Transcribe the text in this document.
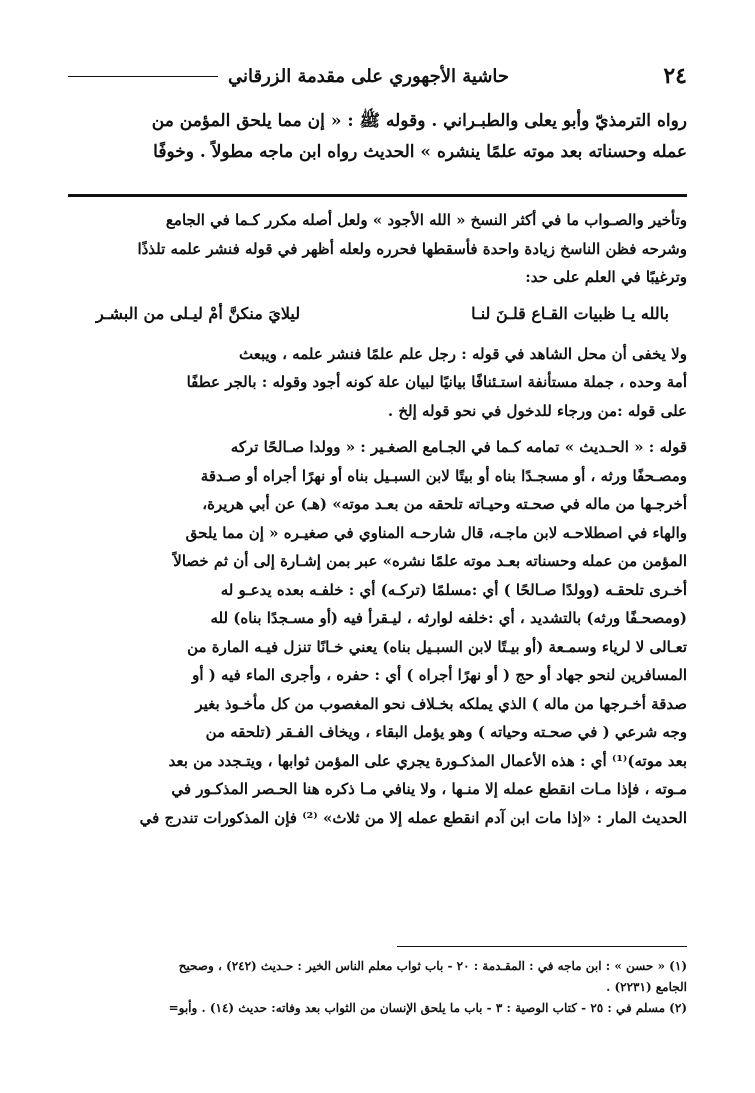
٢٤
حاشية الأجهوري على مقدمة الزرقاني
رواه الترمذيّ وأبو يعلى والطبـراني . وقوله ﷺ : « إن مما يلحق المؤمن من
عمله وحسناته بعد موته علمًا ينشره » الحديث رواه ابن ماجه مطولاً . وخوفًا

وتأخير والصـواب ما في أكثر النسخ « الله الأجود » ولعل أصله مكرر كـما في الجامع

وشرحه فظن الناسخ زيادة واحدة فأسقطها فحرره ولعله أظهر في قوله فنشر علمه تلذذًا

وترغيبًا في العلم على حد:

بالله يـا ظبيات القـاع قلـنَ لنـا
ليلايَ منكنَّ أمْ ليـلى من البشـر

ولا يخفى أن محل الشاهد في قوله : رجل علم علمًا فنشر علمه ، ويبعث

أمة وحده ، جملة مستأنفة استـئنافًا بيانيًا لبيان علة كونه أجود وقوله : بالجر عطفًا

على قوله :من ورجاء للدخول في نحو قوله إلخ .

قوله : « الحـديث » تمامه كـما في الجـامع الصغـير : « وولدا صـالحًا تركه

ومصـحفًا ورثه ، أو مسجـدًا بناه أو بيتًا لابن السبـيل بناه أو نهرًا أجراه أو صـدقة

أخرجـها من ماله في صحـته وحيـاته تلحقه من بعـد موته» (هـ) عن أبي هريرة،

والهاء في اصطلاحـه لابن ماجـه، قال شارحـه المناوي في صغيـره « إن مما يلحق

المؤمن من عمله وحسناته بعـد موته علمًا نشره» عبر بمن إشـارة إلى أن ثم خصالاً

أخـرى تلحقـه (وولدًا صـالحًا ) أي :مسلمًا (تركـه) أي : خلفـه بعده يدعـو له

(ومصحـفًا ورثه) بالتشديد ، أي :خلفه لوارثه ، ليـقرأ فيه (أو مسـجدًا بناه) لله

تعـالى لا لرياء وسمـعة (أو بيـتًا لابن السبـيل بناه) يعني خـانًا تنزل فيـه المارة من

المسافرين لنحو جهاد أو حج ( أو نهرًا أجراه ) أي : حفره ، وأجرى الماء فيه ( أو

صدقة أخـرجها من ماله ) الذي يملكه بخـلاف نحو المغصوب من كل مأخـوذ بغير

وجه شرعي ( في صحـته وحياته ) وهو يؤمل البقاء ، ويخاف الفـقر (تلحقه من

بعد موته)⁽¹⁾ أي : هذه الأعمال المذكـورة يجري على المؤمن ثوابها ، ويتـجدد من بعد

مـوته ، فإذا مـات انقطع عمله إلا منـها ، ولا ينافي مـا ذكره هنا الحـصر المذكـور في

الحديث المار : «إذا مات ابن آدم انقطع عمله إلا من ثلاث» ⁽²⁾ فإن المذكورات تندرج في

(١) « حسن » : ابن ماجه في : المقـدمة : ٢٠ - باب ثواب معلم الناس الخير : حـديث (٢٤٢) ، وصحيح

الجامع (٢٢٣١) .

(٢) مسلم في : ٢٥ - كتاب الوصية : ٣ - باب ما يلحق الإنسان من الثواب بعد وفاته: حديث (١٤) . وأبو=
